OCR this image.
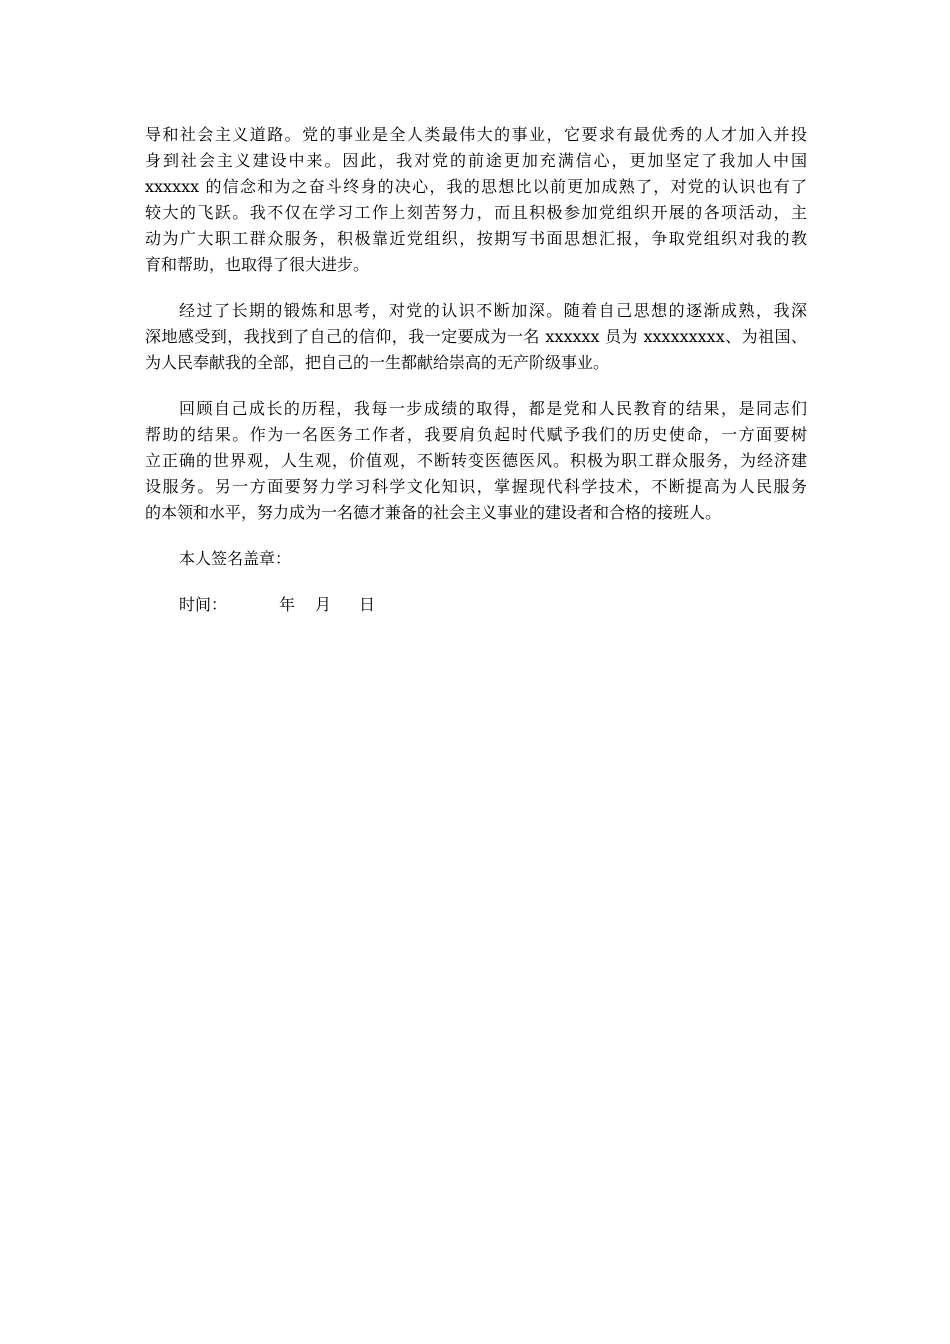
导和社会主义道路。党的事业是全人类最伟大的事业，它要求有最优秀的人才加入并投
身到社会主义建设中来。因此，我对党的前途更加充满信心，更加坚定了我加人中国
xxxxxx 的信念和为之奋斗终身的决心，我的思想比以前更加成熟了，对党的认识也有了
较大的飞跃。我不仅在学习工作上刻苦努力，而且积极参加党组织开展的各项活动，主
动为广大职工群众服务，积极靠近党组织，按期写书面思想汇报，争取党组织对我的教
育和帮助，也取得了很大进步。
经过了长期的锻炼和思考，对党的认识不断加深。随着自己思想的逐渐成熟，我深
深地感受到，我找到了自己的信仰，我一定要成为一名 xxxxxx 员为 xxxxxxxxx、为祖国、
为人民奉献我的全部，把自己的一生都献给崇高的无产阶级事业。
回顾自己成长的历程，我每一步成绩的取得，都是党和人民教育的结果，是同志们
帮助的结果。作为一名医务工作者，我要肩负起时代赋予我们的历史使命，一方面要树
立正确的世界观，人生观，价值观，不断转变医德医风。积极为职工群众服务，为经济建
设服务。另一方面要努力学习科学文化知识，掌握现代科学技术，不断提高为人民服务
的本领和水平，努力成为一名德才兼备的社会主义事业的建设者和合格的接班人。
本人签名盖章：
时间：	年 月 日
